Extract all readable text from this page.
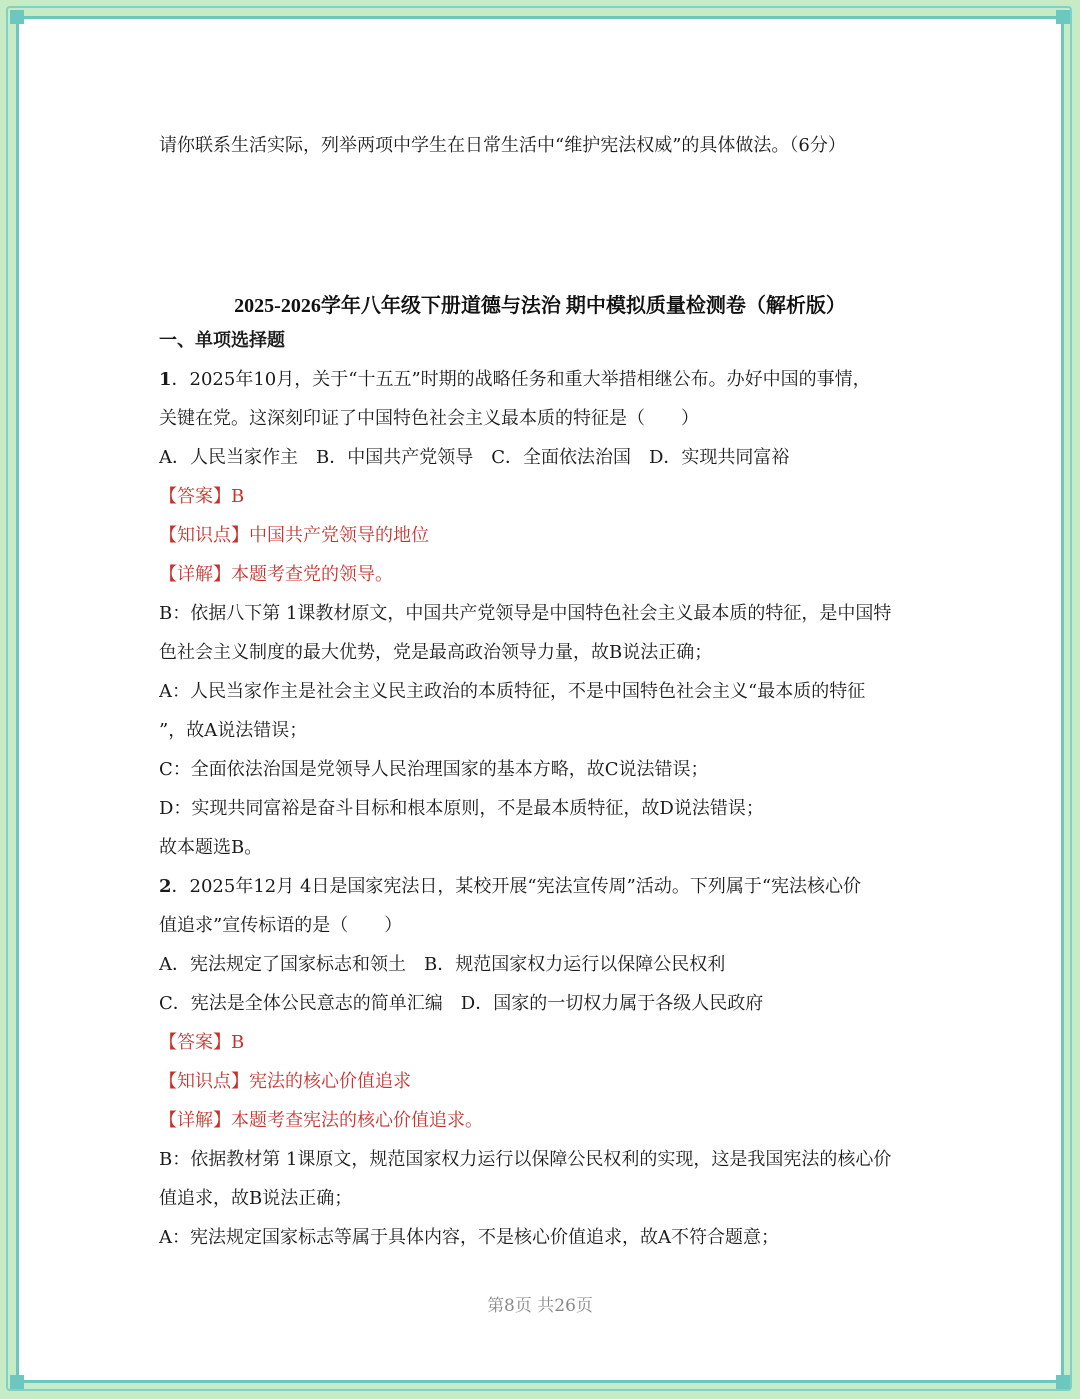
请你联系生活实际，列举两项中学生在日常生活中“维护宪法权威”的具体做法。（6分）
2025-2026学年八年级下册道德与法治 期中模拟质量检测卷（解析版）
一、单项选择题
1．2025年10月，关于“十五五”时期的战略任务和重大举措相继公布。办好中国的事情，
关键在党。这深刻印证了中国特色社会主义最本质的特征是（　　）
A．人民当家作主　B．中国共产党领导　C．全面依法治国　D．实现共同富裕
【答案】B
【知识点】中国共产党领导的地位
【详解】本题考查党的领导。
B：依据八下第 1课教材原文，中国共产党领导是中国特色社会主义最本质的特征，是中国特
色社会主义制度的最大优势，党是最高政治领导力量，故B说法正确；
A：人民当家作主是社会主义民主政治的本质特征，不是中国特色社会主义“最本质的特征
”，故A说法错误；
C：全面依法治国是党领导人民治理国家的基本方略，故C说法错误；
D：实现共同富裕是奋斗目标和根本原则，不是最本质特征，故D说法错误；
故本题选B。
2．2025年12月 4日是国家宪法日，某校开展“宪法宣传周”活动。下列属于“宪法核心价
值追求”宣传标语的是（　　）
A．宪法规定了国家标志和领土　B．规范国家权力运行以保障公民权利
C．宪法是全体公民意志的简单汇编　D．国家的一切权力属于各级人民政府
【答案】B
【知识点】宪法的核心价值追求
【详解】本题考查宪法的核心价值追求。
B：依据教材第 1课原文，规范国家权力运行以保障公民权利的实现，这是我国宪法的核心价
值追求，故B说法正确；
A：宪法规定国家标志等属于具体内容，不是核心价值追求，故A不符合题意；
第8页 共26页
